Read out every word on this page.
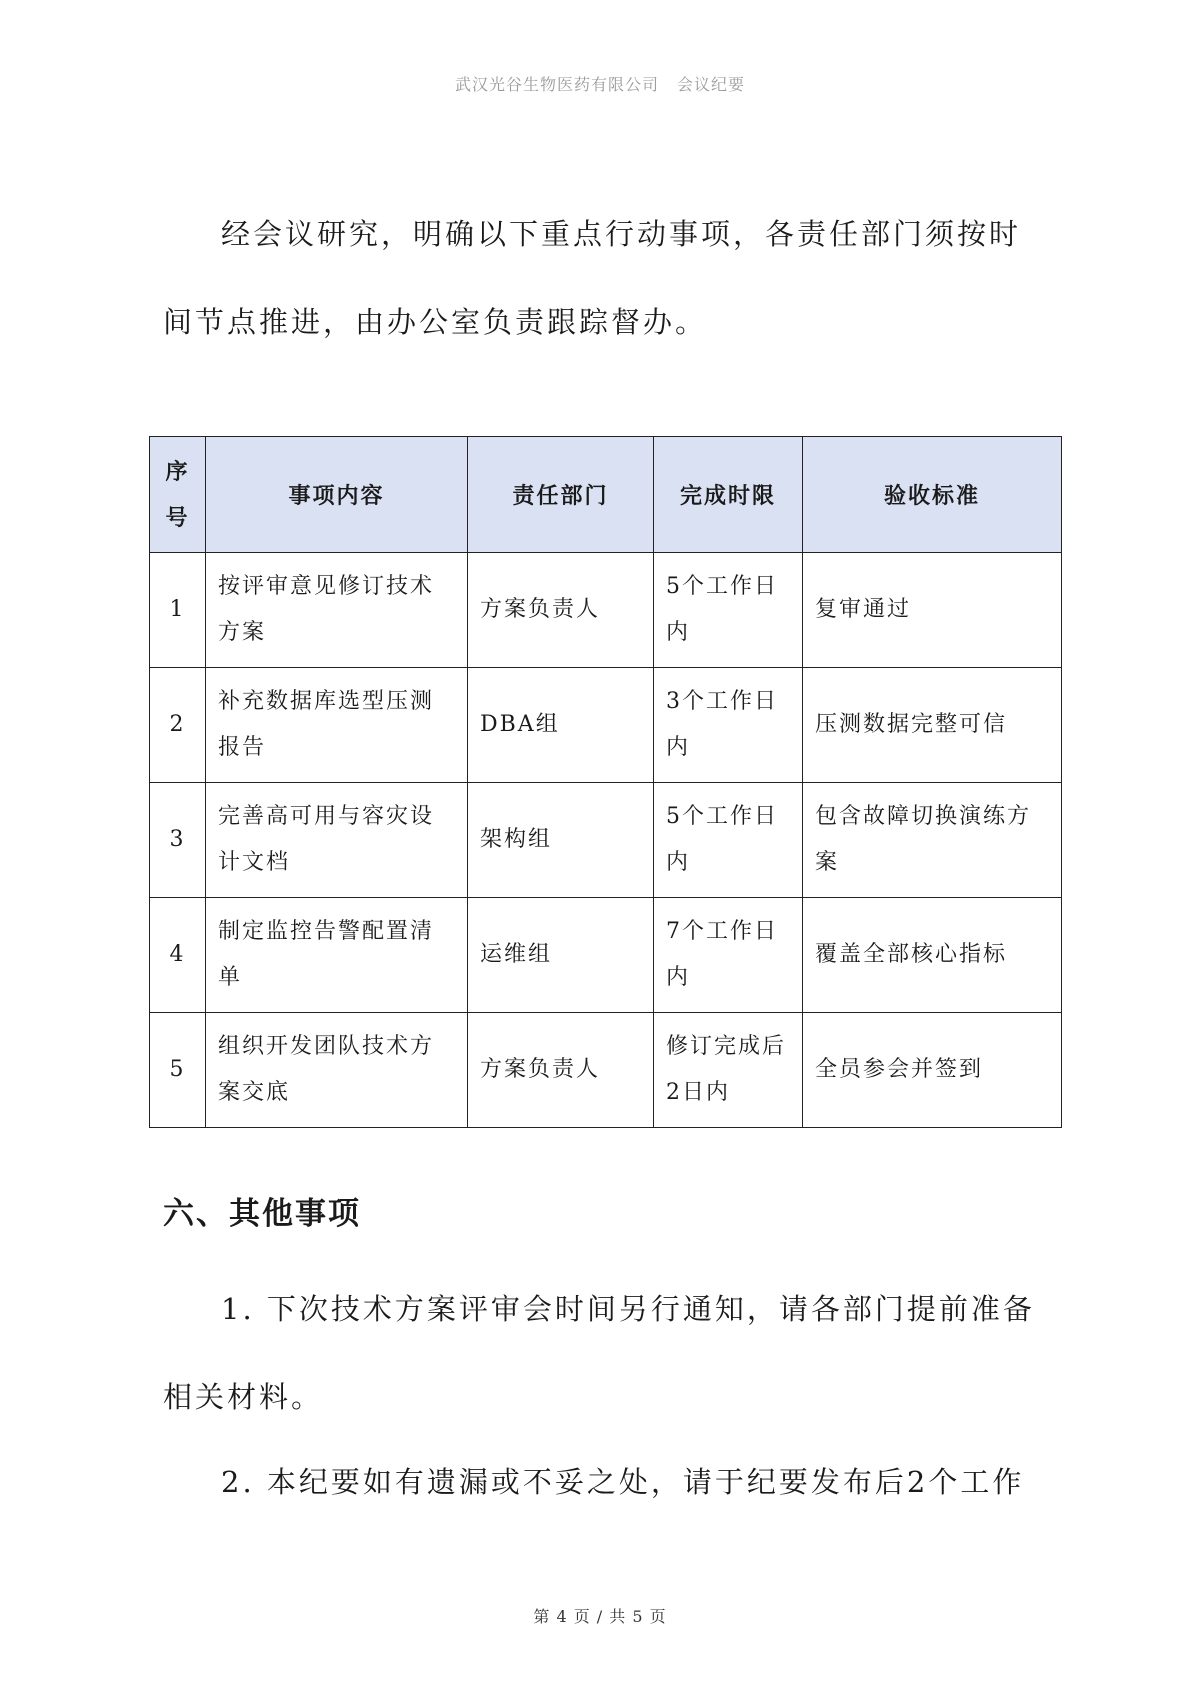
武汉光谷生物医药有限公司 会议纪要

经会议研究，明确以下重点行动事项，各责任部门须按时间节点推进，由办公室负责跟踪督办。

序号	事项内容	责任部门	完成时限	验收标准
1	按评审意见修订技术方案	方案负责人	5个工作日内	复审通过
2	补充数据库选型压测报告	DBA组	3个工作日内	压测数据完整可信
3	完善高可用与容灾设计文档	架构组	5个工作日内	包含故障切换演练方案
4	制定监控告警配置清单	运维组	7个工作日内	覆盖全部核心指标
5	组织开发团队技术方案交底	方案负责人	修订完成后2日内	全员参会并签到
六、其他事项

1. 下次技术方案评审会时间另行通知，请各部门提前准备相关材料。

2. 本纪要如有遗漏或不妥之处，请于纪要发布后2个工作

第 4 页 / 共 5 页
